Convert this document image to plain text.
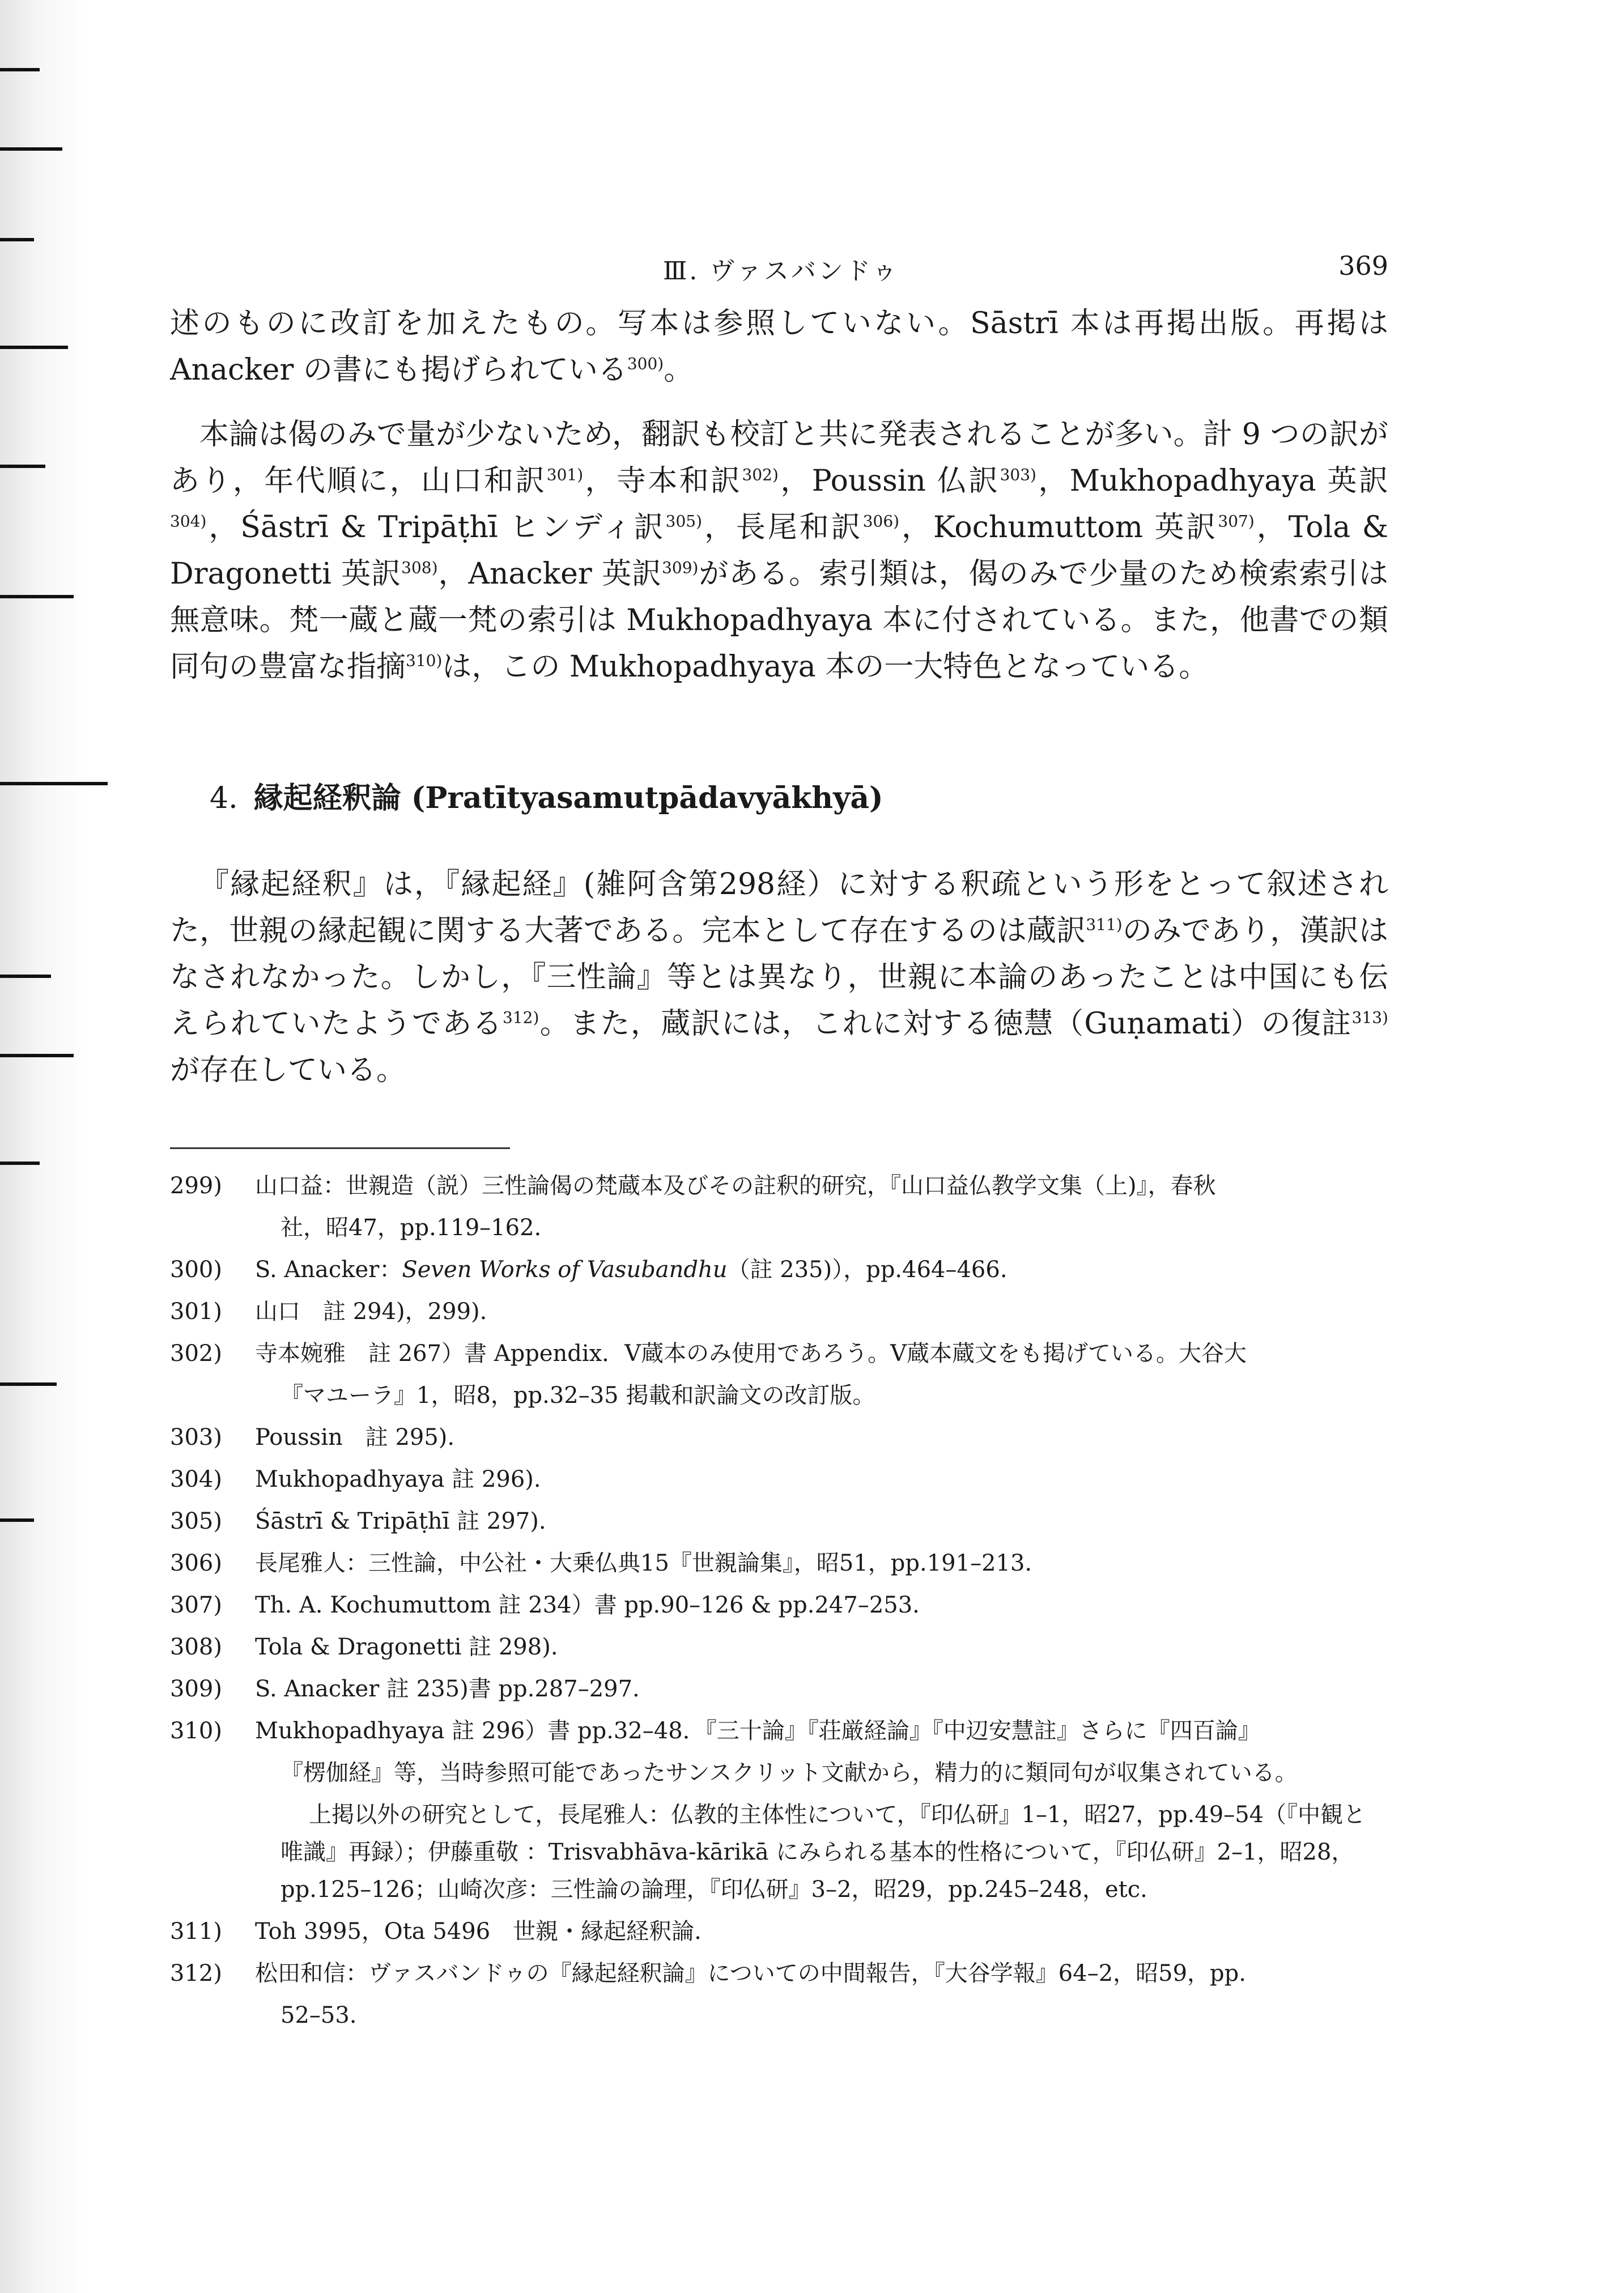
Ⅲ. ヴァスバンドゥ	369

述のものに改訂を加えたもの。写本は参照していない。Sāstrī 本は再掲出版。再掲は Anacker の書にも掲げられている$^{300)}$。

本論は偈のみで量が少ないため，翻訳も校訂と共に発表されることが多い。計 9 つの訳があり，年代順に，山口和訳$^{301)}$，寺本和訳$^{302)}$，Poussin 仏訳$^{303)}$，Mukhopadhyaya 英訳$^{304)}$，Śāstrī & Tripāṭhī ヒンディ訳$^{305)}$，長尾和訳$^{306)}$，Kochumuttom 英訳$^{307)}$，Tola & Dragonetti 英訳$^{308)}$，Anacker 英訳$^{309)}$がある。索引類は，偈のみで少量のため検索索引は無意味。梵一蔵と蔵一梵の索引は Mukhopadhyaya 本に付されている。また，他書での類同句の豊富な指摘$^{310)}$は，この Mukhopadhyaya 本の一大特色となっている。

4. 縁起経釈論 (Pratītyasamutpādavyākhyā)

『縁起経釈』は，『縁起経』(雑阿含第298経）に対する釈疏という形をとって叙述された，世親の縁起観に関する大著である。完本として存在するのは蔵訳$^{311)}$のみであり，漢訳はなされなかった。しかし，『三性論』等とは異なり，世親に本論のあったことは中国にも伝えられていたようである$^{312)}$。また，蔵訳には，これに対する徳慧（Guṇamati）の復註$^{313)}$が存在している。

299)	山口益：世親造（説）三性論偈の梵蔵本及びその註釈的研究，『山口益仏教学文集（上)』，春秋
社，昭47，pp.119–162.
300)	S. Anacker：Seven Works of Vasubandhu（註 235)），pp.464–466.
301)	山口　註 294)，299).
302)	寺本婉雅　註 267）書 Appendix．V蔵本のみ使用であろう。V蔵本蔵文をも掲げている。大谷大
『マユーラ』1，昭8，pp.32–35 掲載和訳論文の改訂版。
303)	Poussin　註 295).
304)	Mukhopadhyaya 註 296).
305)	Śāstrī & Tripāṭhī 註 297).
306)	長尾雅人：三性論，中公社・大乗仏典15『世親論集』，昭51，pp.191–213.
307)	Th. A. Kochumuttom 註 234）書 pp.90–126 & pp.247–253.
308)	Tola & Dragonetti 註 298).
309)	S. Anacker 註 235)書 pp.287–297.
310)	Mukhopadhyaya 註 296）書 pp.32–48．『三十論』『荘厳経論』『中辺安慧註』さらに『四百論』
『楞伽経』等，当時参照可能であったサンスクリット文献から，精力的に類同句が収集されている。
上掲以外の研究として，長尾雅人：仏教的主体性について，『印仏研』1–1，昭27，pp.49–54（『中観と唯識』再録）；伊藤重敬 ：Trisvabhāva-kārikā にみられる基本的性格について，『印仏研』2–1，昭28，pp.125–126；山崎次彦：三性論の論理，『印仏研』3–2，昭29，pp.245–248，etc.
311)	Toh 3995，Ota 5496　世親・縁起経釈論.
312)	松田和信：ヴァスバンドゥの『縁起経釈論』についての中間報告，『大谷学報』64–2，昭59，pp.
52–53.
